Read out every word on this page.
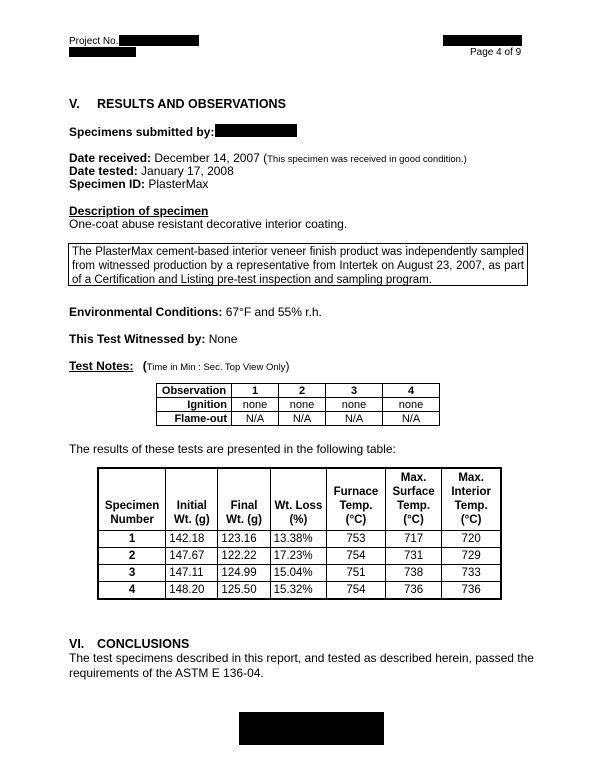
Project No.
Page 4 of 9
V. RESULTS AND OBSERVATIONS
Specimens submitted by:
Date received: December 14, 2007 (This specimen was received in good condition.)
Date tested: January 17, 2008
Specimen ID: PlasterMax
Description of specimen
One-coat abuse resistant decorative interior coating.
The PlasterMax cement-based interior veneer finish product was independently sampled from witnessed production by a representative from Intertek on August 23, 2007, as part of a Certification and Listing pre-test inspection and sampling program.
Environmental Conditions: 67°F and 55% r.h.
This Test Witnessed by: None
Test Notes: (Time in Min : Sec. Top View Only)
Observation	1	2	3	4
Ignition	none	none	none	none
Flame-out	N/A	N/A	N/A	N/A
The results of these tests are presented in the following table:
Specimen Number	Initial Wt. (g)	Final Wt. (g)	Wt. Loss (%)	Furnace Temp. (°C)	Max. Surface Temp. (°C)	Max. Interior Temp. (°C)
1	142.18	123.16	13.38%	753	717	720
2	147.67	122.22	17.23%	754	731	729
3	147.11	124.99	15.04%	751	738	733
4	148.20	125.50	15.32%	754	736	736
VI. CONCLUSIONS
The test specimens described in this report, and tested as described herein, passed the requirements of the ASTM E 136-04.
